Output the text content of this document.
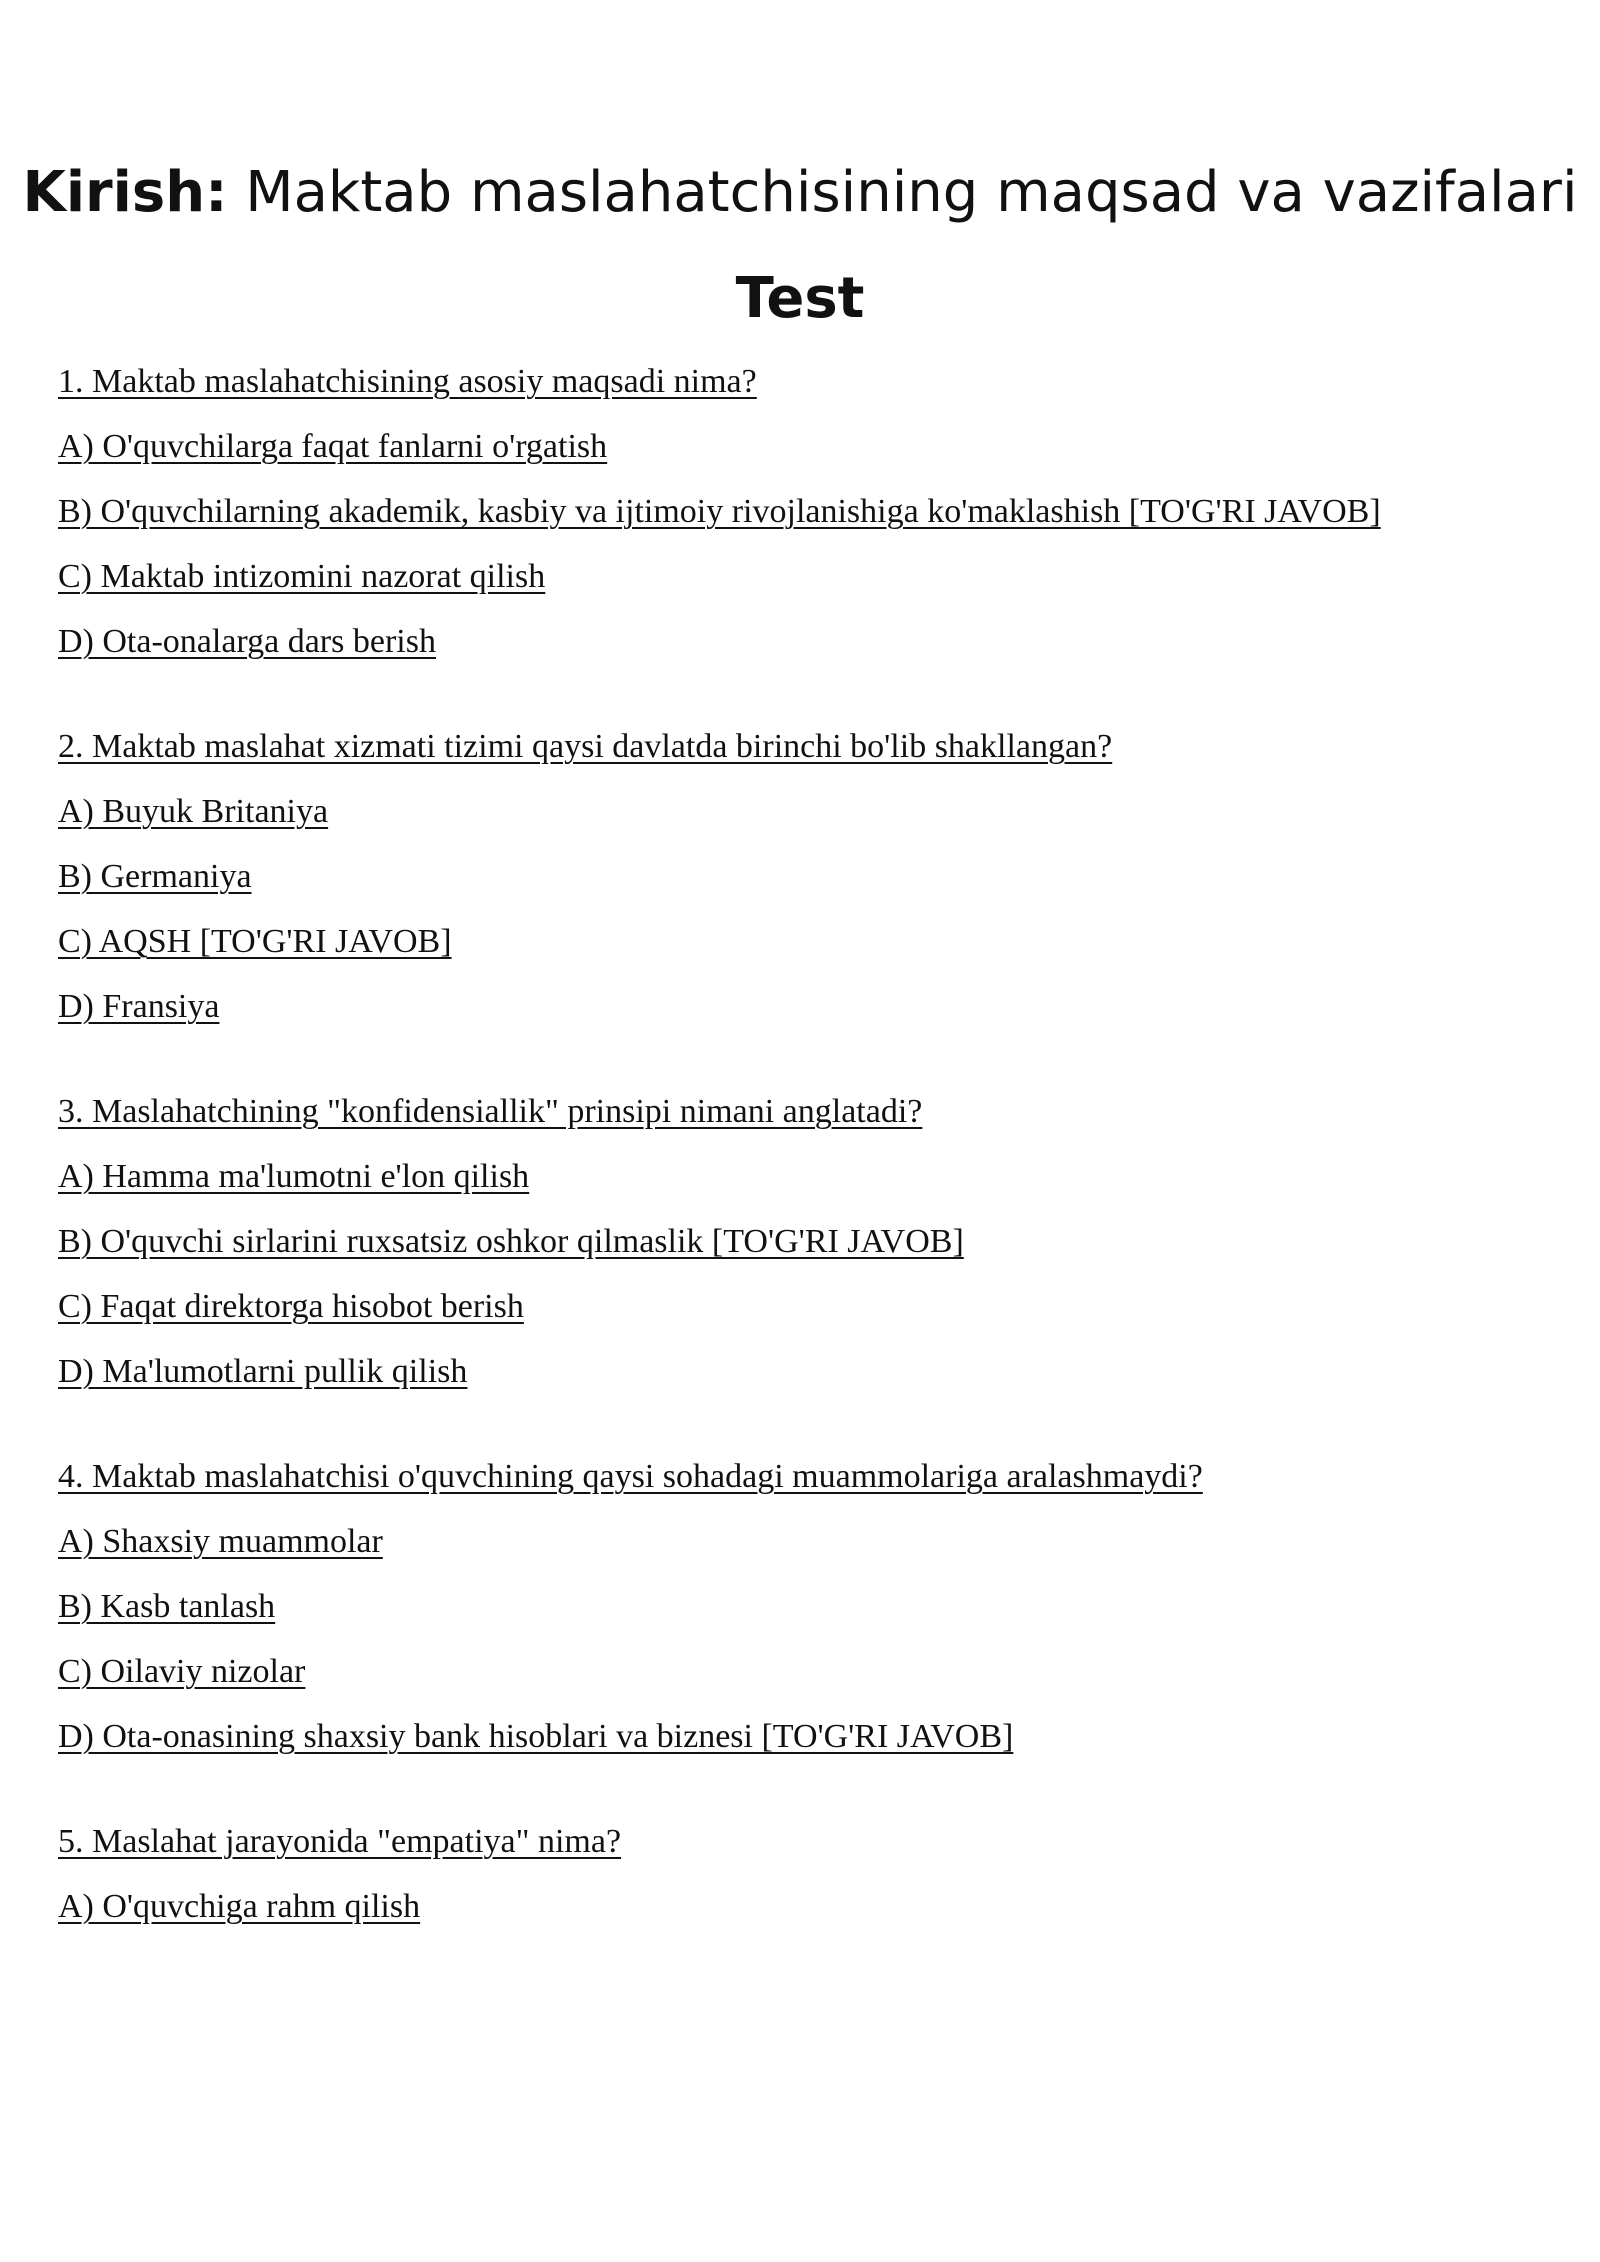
Kirish: Maktab maslahatchisining maqsad va vazifalari
Test
1. Maktab maslahatchisining asosiy maqsadi nima?
A) O'quvchilarga faqat fanlarni o'rgatish
B) O'quvchilarning akademik, kasbiy va ijtimoiy rivojlanishiga ko'maklashish [TO'G'RI JAVOB]
C) Maktab intizomini nazorat qilish
D) Ota-onalarga dars berish
2. Maktab maslahat xizmati tizimi qaysi davlatda birinchi bo'lib shakllangan?
A) Buyuk Britaniya
B) Germaniya
C) AQSH [TO'G'RI JAVOB]
D) Fransiya
3. Maslahatchining "konfidensiallik" prinsipi nimani anglatadi?
A) Hamma ma'lumotni e'lon qilish
B) O'quvchi sirlarini ruxsatsiz oshkor qilmaslik [TO'G'RI JAVOB]
C) Faqat direktorga hisobot berish
D) Ma'lumotlarni pullik qilish
4. Maktab maslahatchisi o'quvchining qaysi sohadagi muammolariga aralashmaydi?
A) Shaxsiy muammolar
B) Kasb tanlash
C) Oilaviy nizolar
D) Ota-onasining shaxsiy bank hisoblari va biznesi [TO'G'RI JAVOB]
5. Maslahat jarayonida "empatiya" nima?
A) O'quvchiga rahm qilish
